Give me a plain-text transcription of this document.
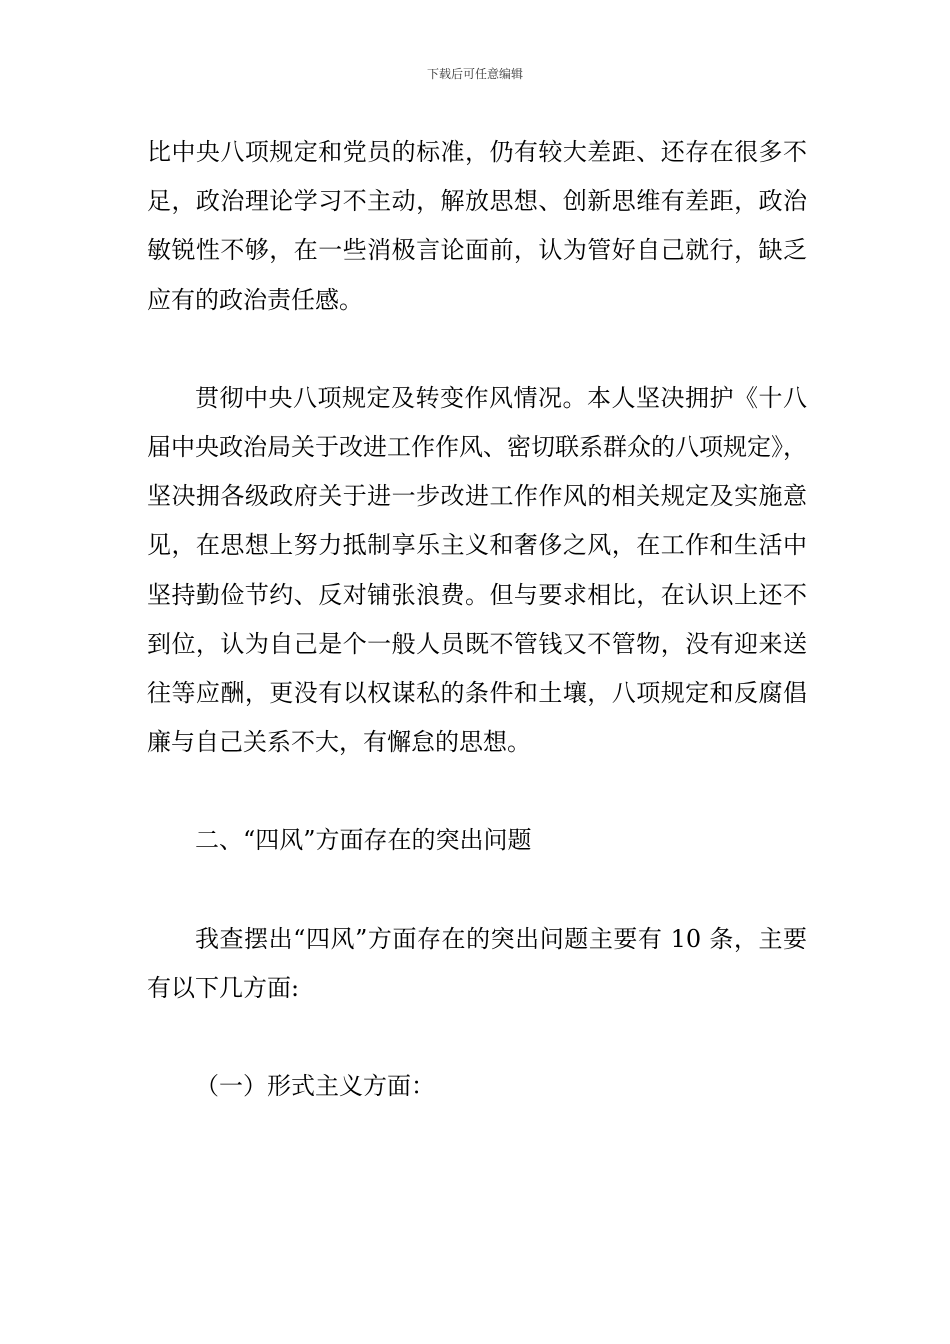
下载后可任意编辑

比中央八项规定和党员的标准，仍有较大差距、还存在很多不足，政治理论学习不主动，解放思想、创新思维有差距，政治敏锐性不够，在一些消极言论面前，认为管好自己就行，缺乏应有的政治责任感。

贯彻中央八项规定及转变作风情况。本人坚决拥护《十八届中央政治局关于改进工作作风、密切联系群众的八项规定》，坚决拥各级政府关于进一步改进工作作风的相关规定及实施意见，在思想上努力抵制享乐主义和奢侈之风，在工作和生活中坚持勤俭节约、反对铺张浪费。但与要求相比，在认识上还不到位，认为自己是个一般人员既不管钱又不管物，没有迎来送往等应酬，更没有以权谋私的条件和土壤，八项规定和反腐倡廉与自己关系不大，有懈怠的思想。

二、“四风”方面存在的突出问题

我查摆出“四风”方面存在的突出问题主要有 10 条，主要有以下几方面:

（一）形式主义方面：
